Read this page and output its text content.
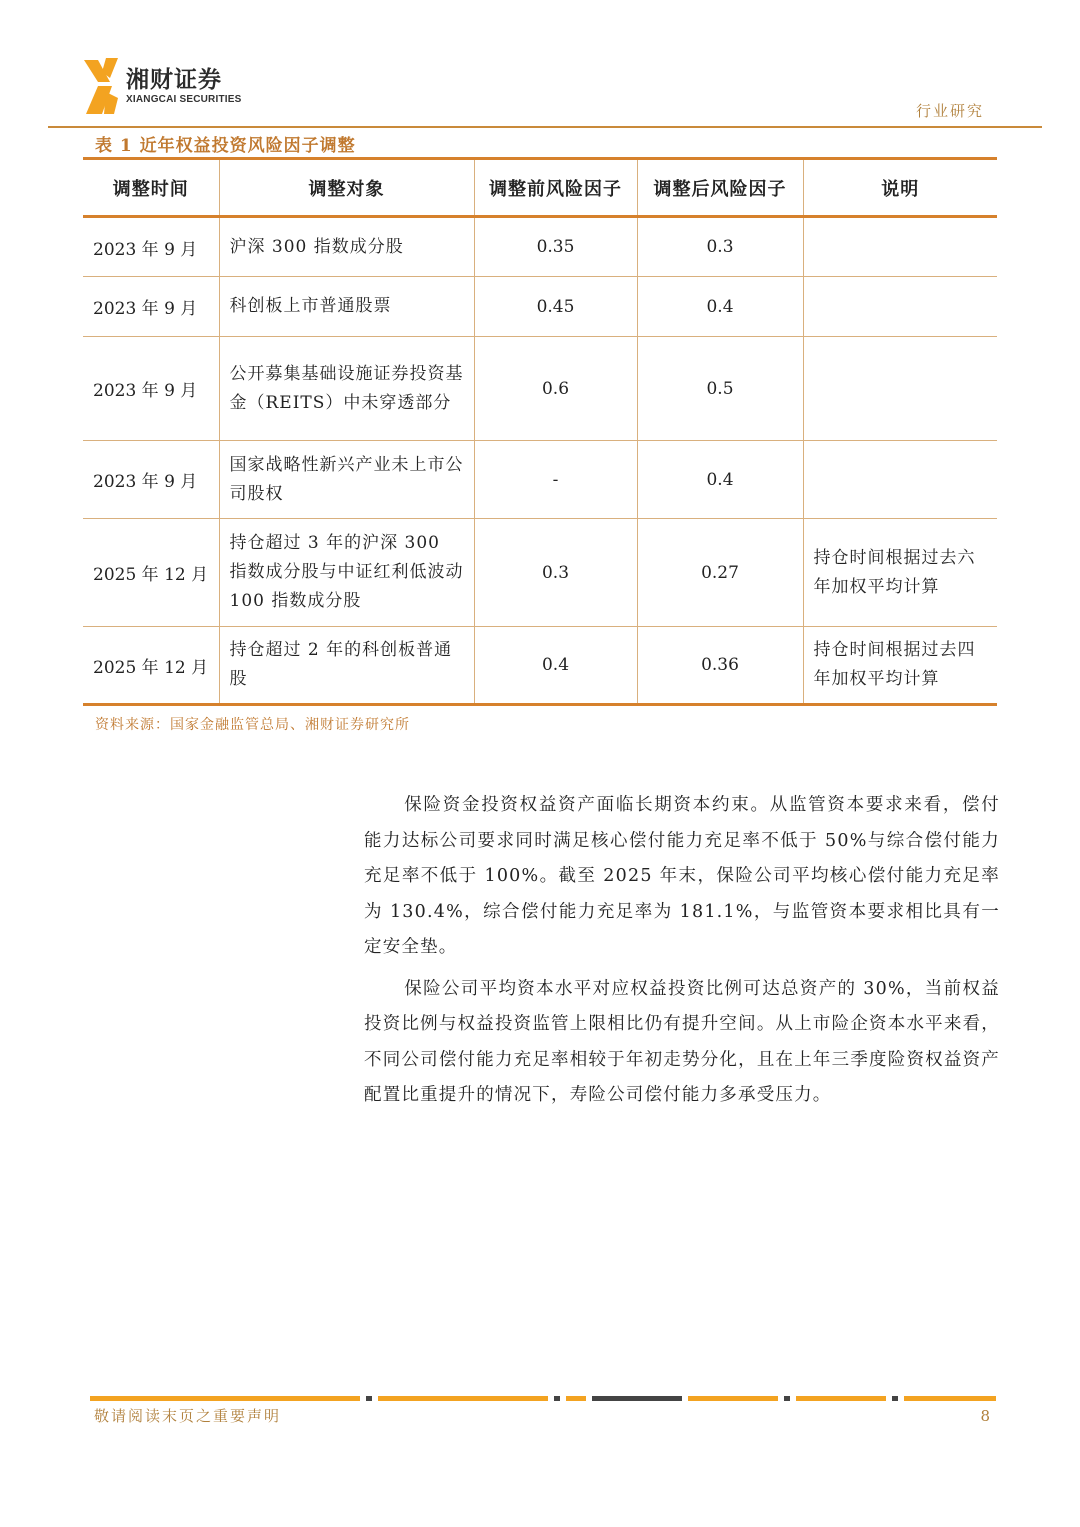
湘财证券
XIANGCAI SECURITIES
行业研究
表 1 近年权益投资风险因子调整
调整时间	调整对象	调整前风险因子	调整后风险因子	说明
2023 年 9 月	沪深 300 指数成分股	0.35	0.3	
2023 年 9 月	科创板上市普通股票	0.45	0.4	
2023 年 9 月	公开募集基础设施证券投资基金（REITS）中未穿透部分	0.6	0.5	
2023 年 9 月	国家战略性新兴产业未上市公司股权	-	0.4	
2025 年 12 月	持仓超过 3 年的沪深 300 指数成分股与中证红利低波动 100 指数成分股	0.3	0.27	持仓时间根据过去六年加权平均计算
2025 年 12 月	持仓超过 2 年的科创板普通股	0.4	0.36	持仓时间根据过去四年加权平均计算
资料来源：国家金融监管总局、湘财证券研究所

保险资金投资权益资产面临长期资本约束。从监管资本要求来看，偿付能力达标公司要求同时满足核心偿付能力充足率不低于 50%与综合偿付能力充足率不低于 100%。截至 2025 年末，保险公司平均核心偿付能力充足率为 130.4%，综合偿付能力充足率为 181.1%，与监管资本要求相比具有一定安全垫。

保险公司平均资本水平对应权益投资比例可达总资产的 30%，当前权益投资比例与权益投资监管上限相比仍有提升空间。从上市险企资本水平来看，不同公司偿付能力充足率相较于年初走势分化，且在上年三季度险资权益资产配置比重提升的情况下，寿险公司偿付能力多承受压力。

敬请阅读末页之重要声明	8
